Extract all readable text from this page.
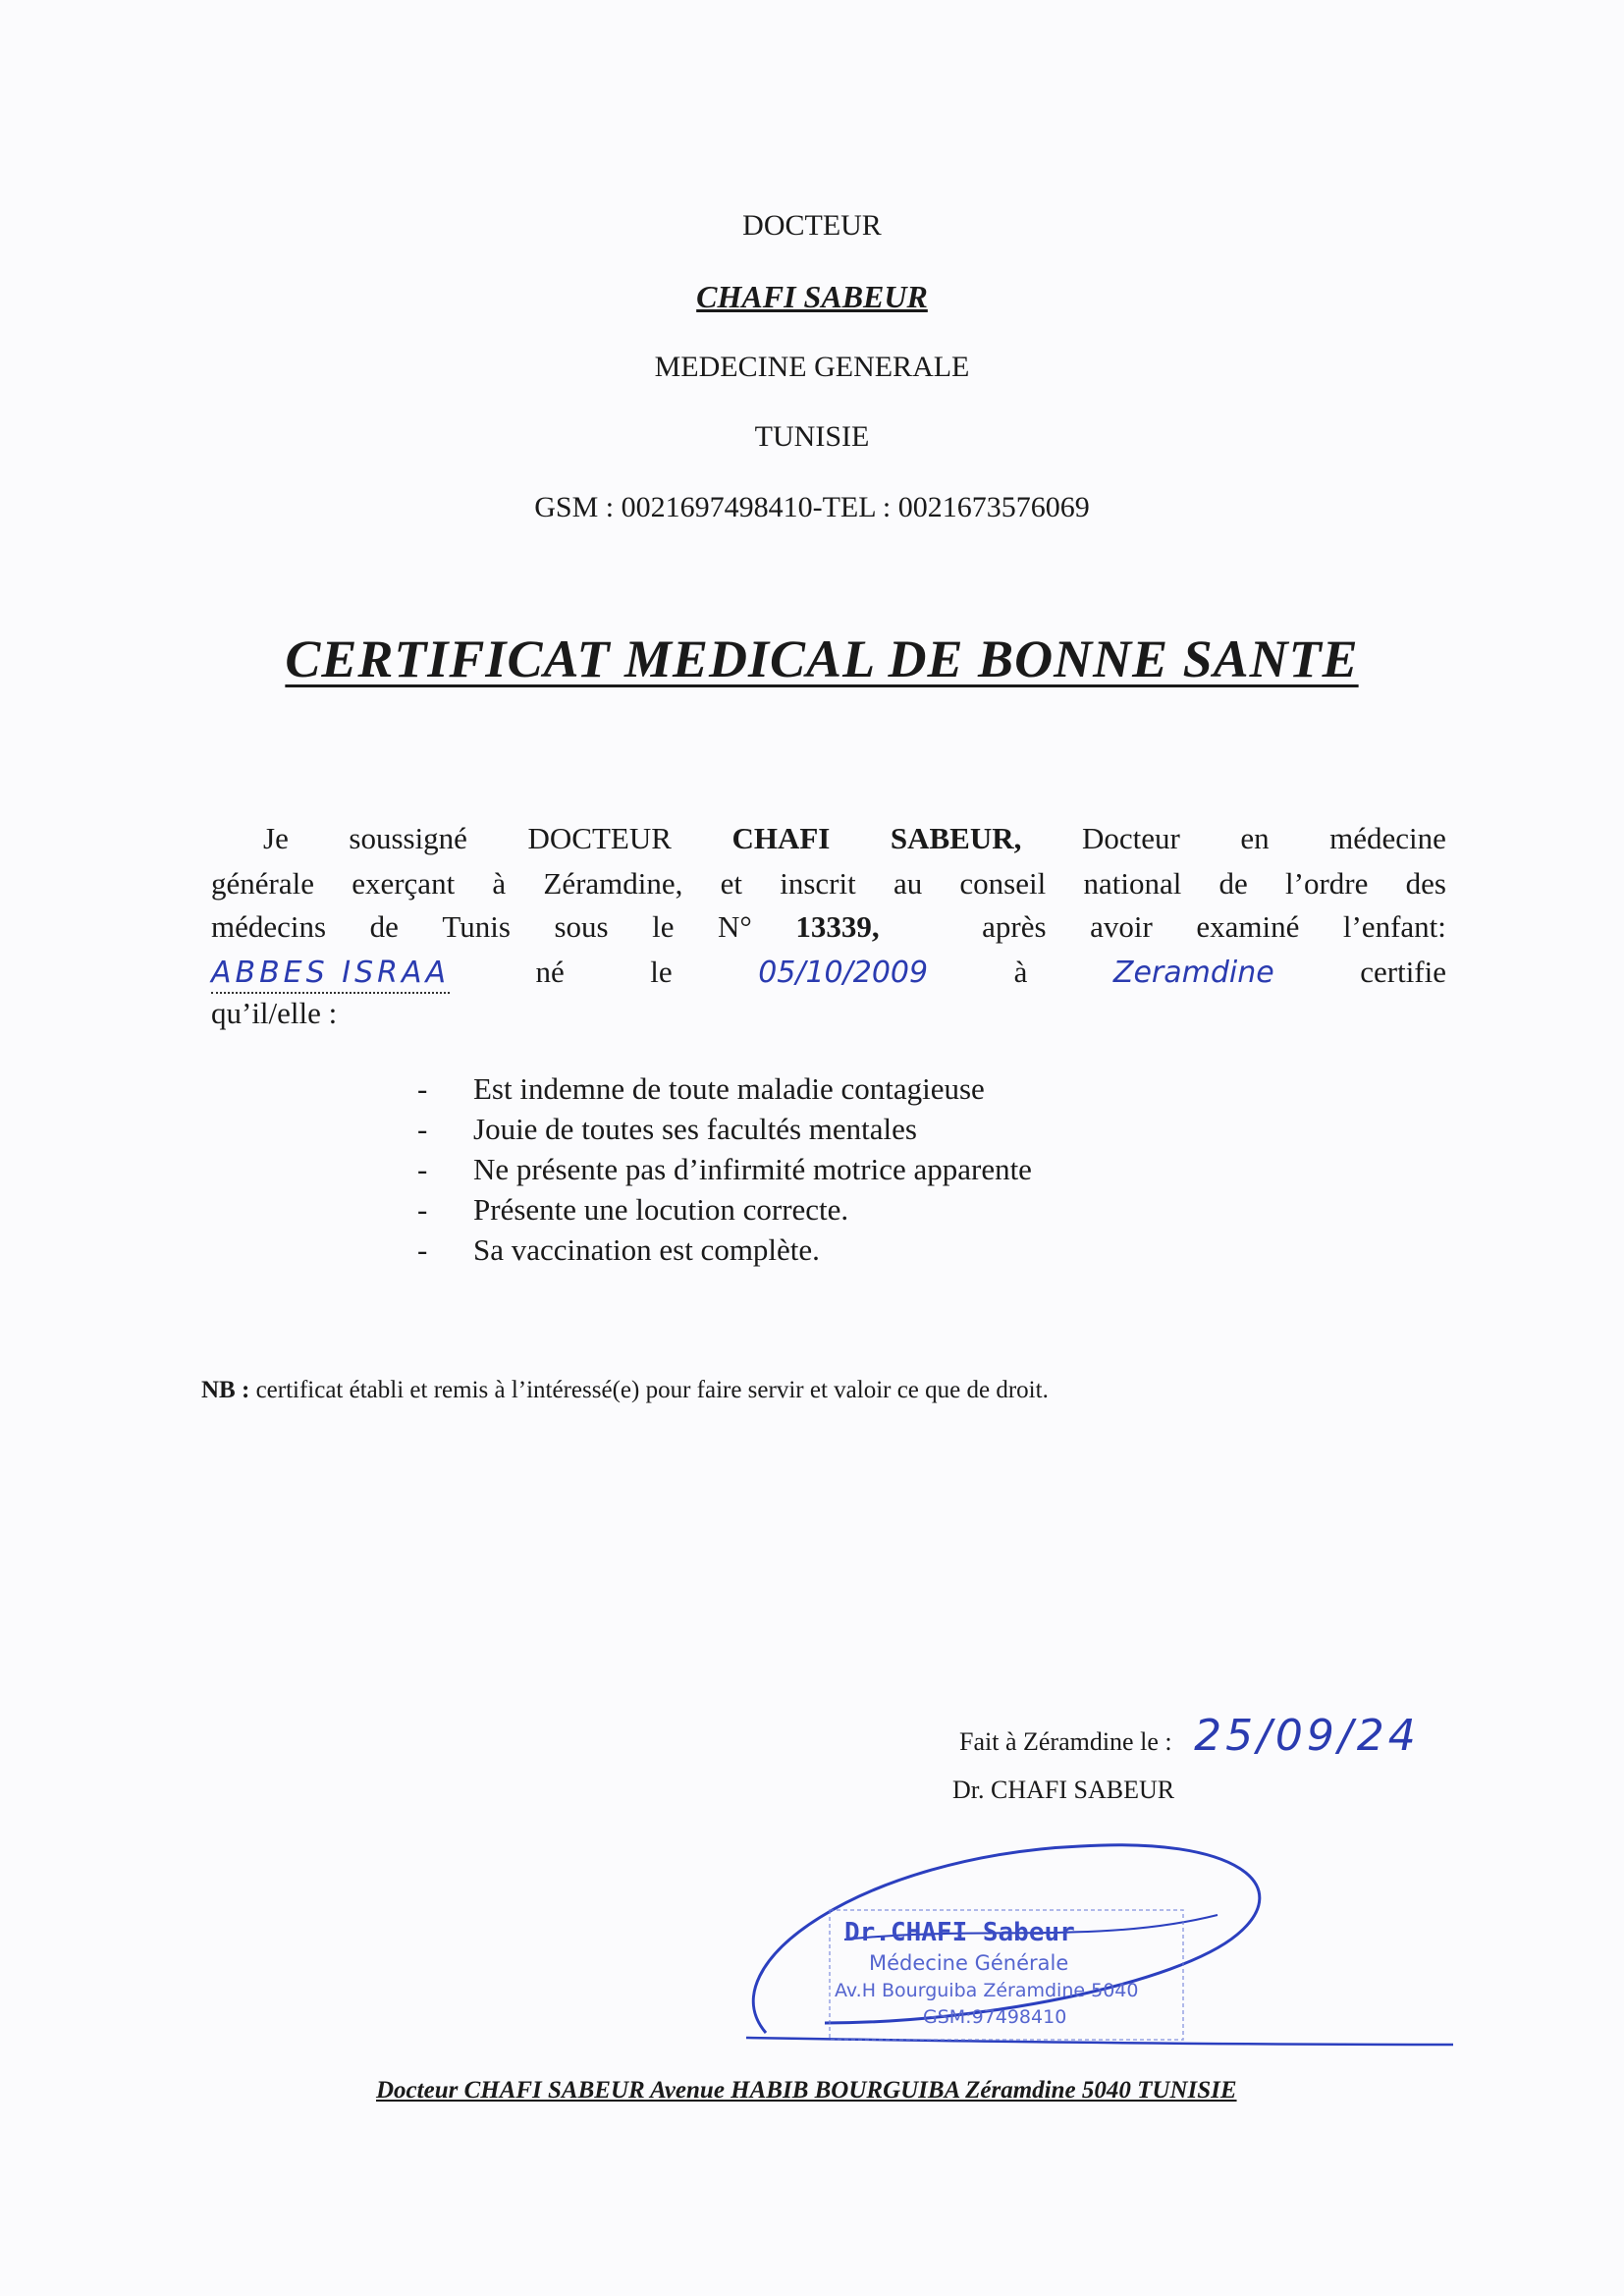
DOCTEUR
CHAFI SABEUR
MEDECINE GENERALE
TUNISIE
GSM : 0021697498410-TEL : 0021673576069
CERTIFICAT MEDICAL DE BONNE SANTE
Je soussigné DOCTEUR CHAFI SABEUR, Docteur en médecine
générale exerçant à Zéramdine, et inscrit au conseil national de l’ordre des
médecins de Tunis sous le N° 13339,	après avoir examiné l’enfant:
ABBES ISRAA	né	le	05/10/2009	à	Zeramdine	certifie
qu’il/elle :
-	Est indemne de toute maladie contagieuse
-	Jouie de toutes ses facultés mentales
-	Ne présente pas d’infirmité motrice apparente
-	Présente une locution correcte.
-	Sa vaccination est complète.
NB : certificat établi et remis à l’intéressé(e) pour faire servir et valoir ce que de droit.
Fait à Zéramdine le : 25/09/24
Dr. CHAFI SABEUR
Dr.CHAFI Sabeur
Médecine Générale
Av.H Bourguiba Zéramdine 5040
GSM:97498410
Docteur CHAFI SABEUR Avenue HABIB BOURGUIBA Zéramdine 5040 TUNISIE
